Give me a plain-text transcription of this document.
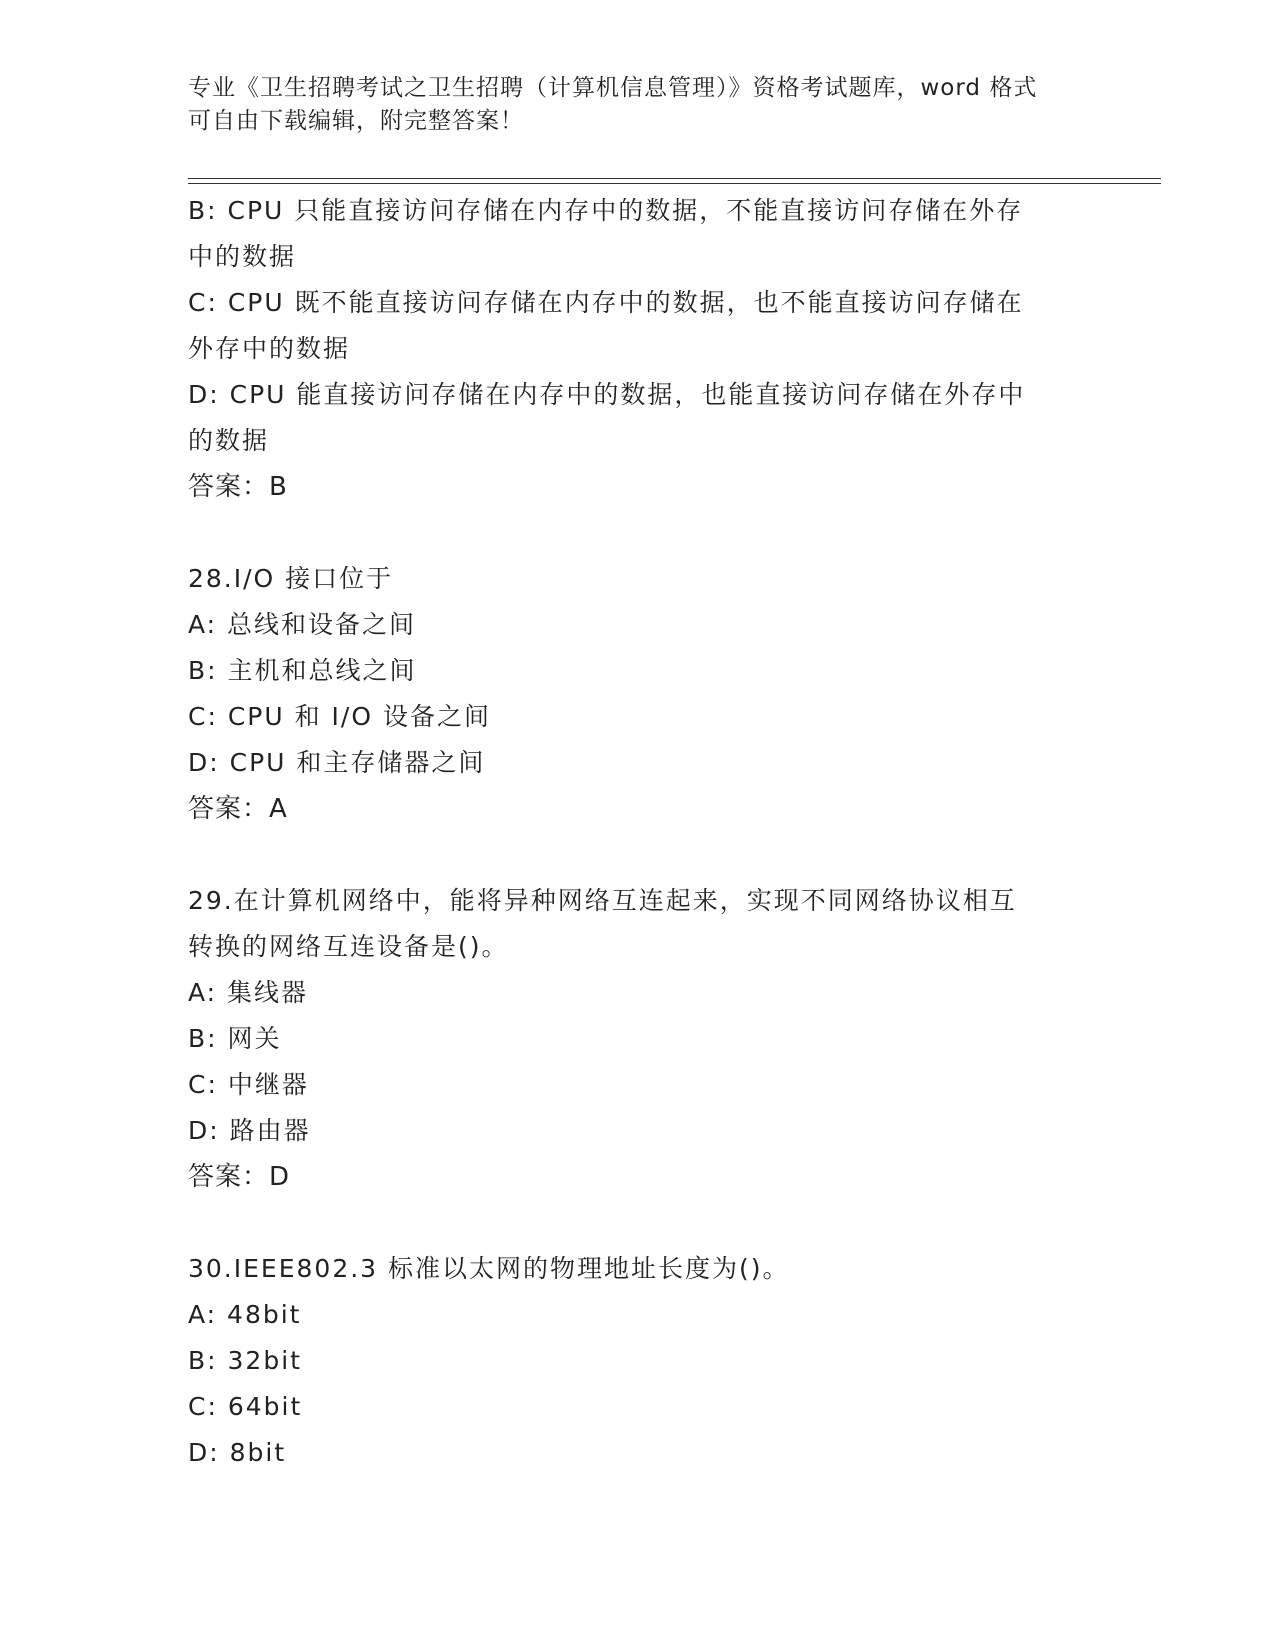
专业《卫生招聘考试之卫生招聘（计算机信息管理）》资格考试题库，word 格式
可自由下载编辑，附完整答案！
B: CPU 只能直接访问存储在内存中的数据，不能直接访问存储在外存
中的数据
C: CPU 既不能直接访问存储在内存中的数据，也不能直接访问存储在
外存中的数据
D: CPU 能直接访问存储在内存中的数据，也能直接访问存储在外存中
的数据
答案：B
28.I/O 接口位于
A: 总线和设备之间
B: 主机和总线之间
C: CPU 和 I/O 设备之间
D: CPU 和主存储器之间
答案：A
29.在计算机网络中，能将异种网络互连起来，实现不同网络协议相互
转换的网络互连设备是()。
A: 集线器
B: 网关
C: 中继器
D: 路由器
答案：D
30.IEEE802.3 标准以太网的物理地址长度为()。
A: 48bit
B: 32bit
C: 64bit
D: 8bit
